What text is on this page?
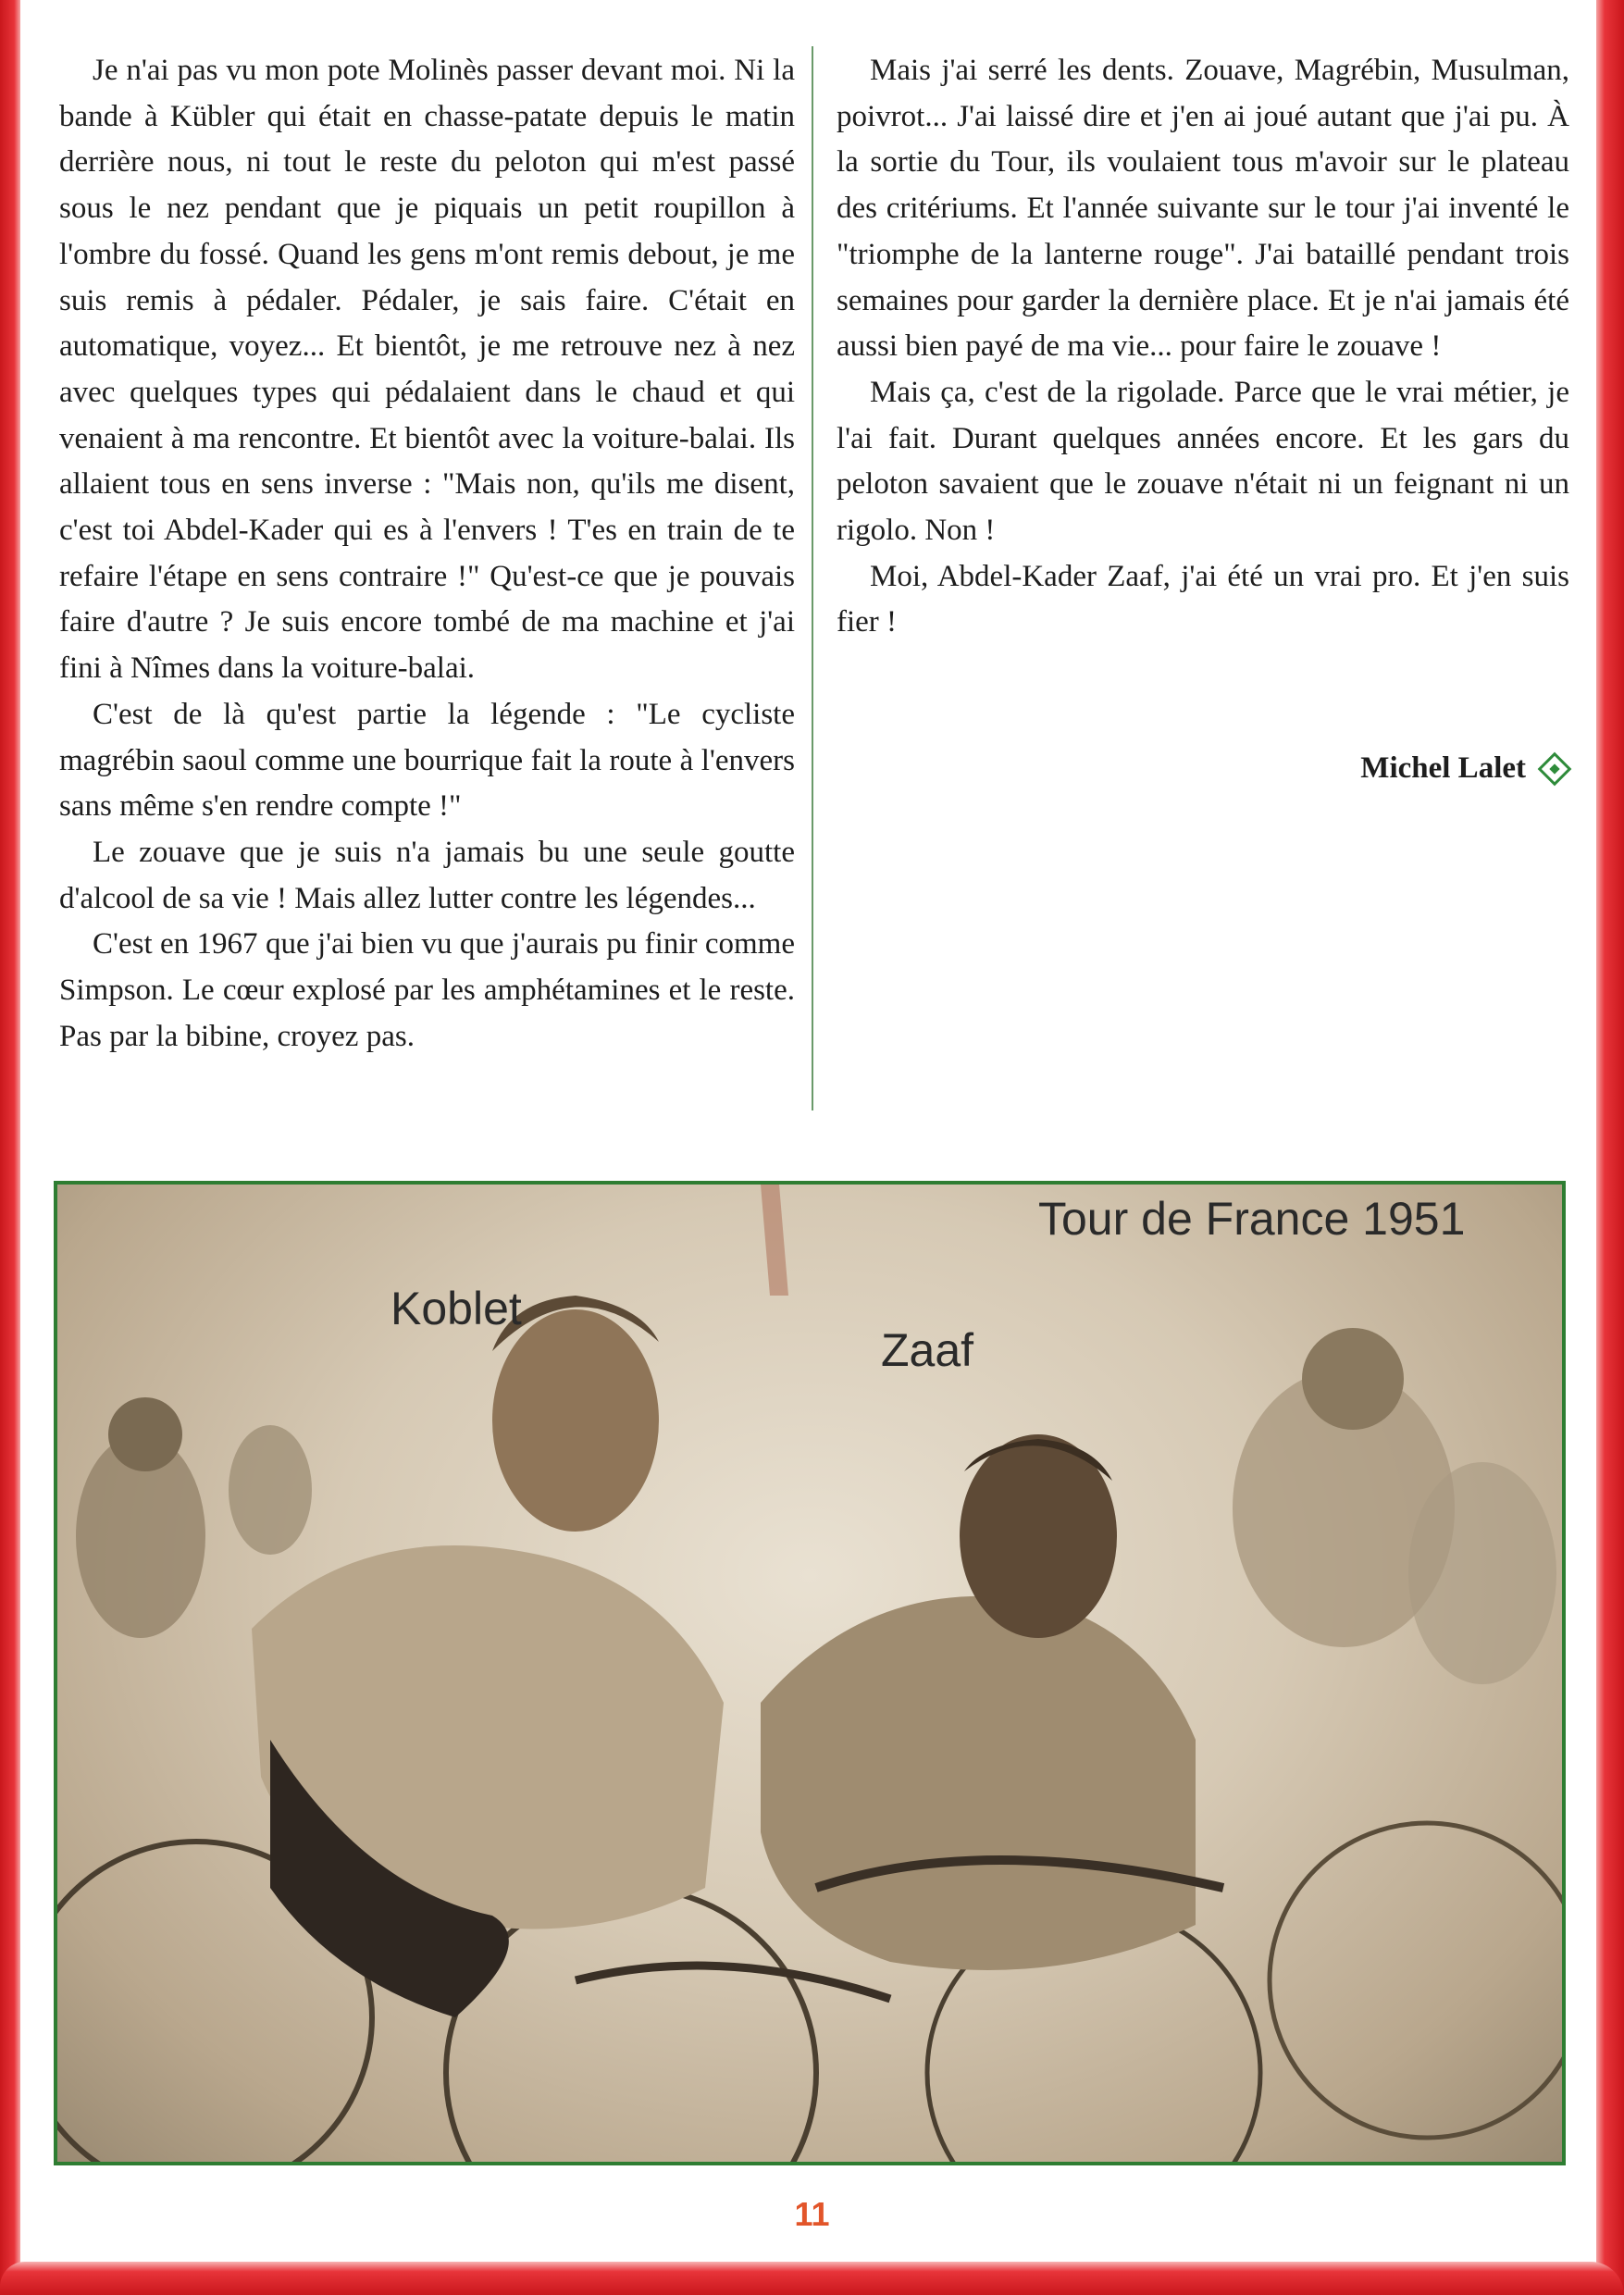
Je n'ai pas vu mon pote Molinès passer devant moi. Ni la bande à Kübler qui était en chasse-patate depuis le matin derrière nous, ni tout le reste du peloton qui m'est passé sous le nez pendant que je piquais un petit roupillon à l'ombre du fossé. Quand les gens m'ont remis debout, je me suis remis à pédaler. Pédaler, je sais faire. C'était en automatique, voyez... Et bientôt, je me retrouve nez à nez avec quelques types qui pédalaient dans le chaud et qui venaient à ma rencontre. Et bientôt avec la voiture-balai. Ils allaient tous en sens inverse : "Mais non, qu'ils me disent, c'est toi Abdel-Kader qui es à l'envers ! T'es en train de te refaire l'étape en sens contraire !" Qu'est-ce que je pouvais faire d'autre ? Je suis encore tombé de ma machine et j'ai fini à Nîmes dans la voiture-balai.

C'est de là qu'est partie la légende : "Le cycliste magrébin saoul comme une bourrique fait la route à l'envers sans même s'en rendre compte !"

Le zouave que je suis n'a jamais bu une seule goutte d'alcool de sa vie ! Mais allez lutter contre les légendes...

C'est en 1967 que j'ai bien vu que j'aurais pu finir comme Simpson. Le cœur explosé par les amphétamines et le reste. Pas par la bibine, croyez pas.

Mais j'ai serré les dents. Zouave, Magrébin, Musulman, poivrot... J'ai laissé dire et j'en ai joué autant que j'ai pu. À la sortie du Tour, ils voulaient tous m'avoir sur le plateau des critériums. Et l'année suivante sur le tour j'ai inventé le "triomphe de la lanterne rouge". J'ai bataillé pendant trois semaines pour garder la dernière place. Et je n'ai jamais été aussi bien payé de ma vie... pour faire le zouave !

Mais ça, c'est de la rigolade. Parce que le vrai métier, je l'ai fait. Durant quelques années encore. Et les gars du peloton savaient que le zouave n'était ni un feignant ni un rigolo. Non !

Moi, Abdel-Kader Zaaf, j'ai été un vrai pro. Et j'en suis fier !

Michel Lalet
Tour de France 1951
Koblet
Zaaf
11
